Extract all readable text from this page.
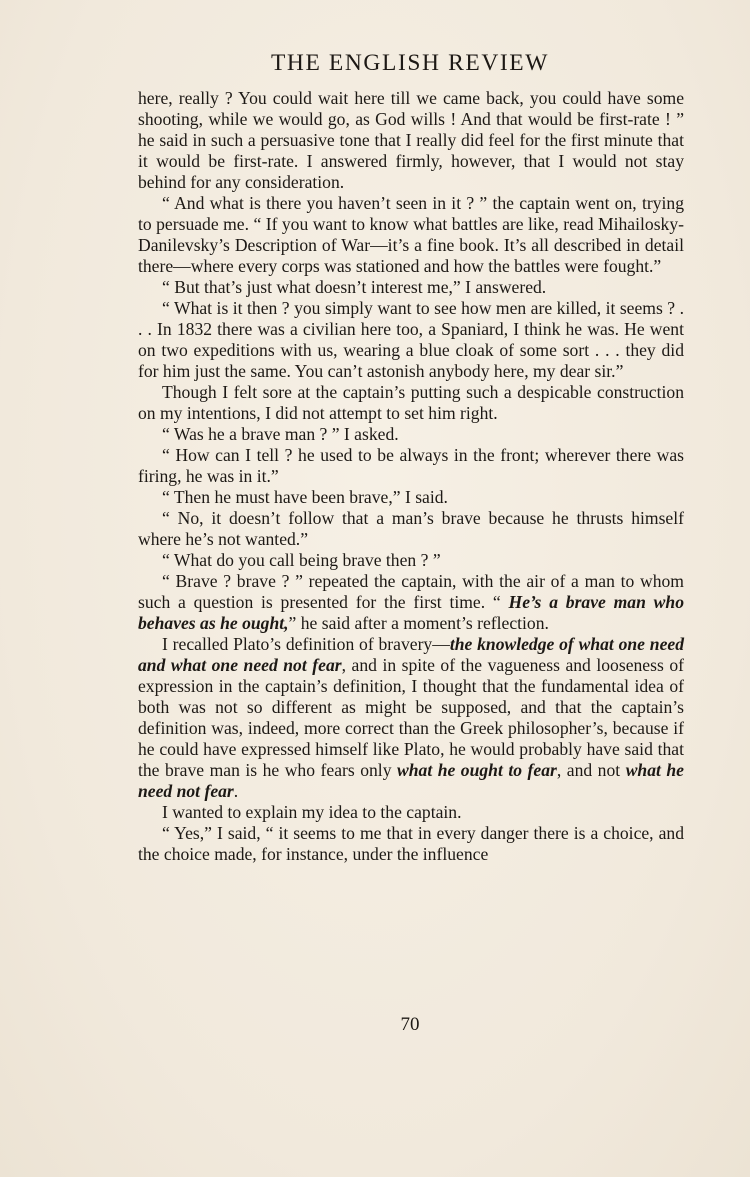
THE ENGLISH REVIEW

here, really ? You could wait here till we came back, you could have some shooting, while we would go, as God wills ! And that would be first-rate ! ” he said in such a persuasive tone that I really did feel for the first minute that it would be first-rate. I answered firmly, however, that I would not stay behind for any consideration.

“ And what is there you haven’t seen in it ? ” the captain went on, trying to persuade me. “ If you want to know what battles are like, read Mihailosky-Danilevsky’s Description of War—it’s a fine book. It’s all described in detail there—where every corps was stationed and how the battles were fought.”

“ But that’s just what doesn’t interest me,” I answered.

“ What is it then ? you simply want to see how men are killed, it seems ? . . . In 1832 there was a civilian here too, a Spaniard, I think he was. He went on two expeditions with us, wearing a blue cloak of some sort . . . they did for him just the same. You can’t astonish anybody here, my dear sir.”

Though I felt sore at the captain’s putting such a despicable construction on my intentions, I did not attempt to set him right.

“ Was he a brave man ? ” I asked.

“ How can I tell ? he used to be always in the front; wherever there was firing, he was in it.”

“ Then he must have been brave,” I said.

“ No, it doesn’t follow that a man’s brave because he thrusts himself where he’s not wanted.”

“ What do you call being brave then ? ”

“ Brave ? brave ? ” repeated the captain, with the air of a man to whom such a question is presented for the first time. “ He’s a brave man who behaves as he ought,” he said after a moment’s reflection.

I recalled Plato’s definition of bravery—the knowledge of what one need and what one need not fear, and in spite of the vagueness and looseness of expression in the captain’s definition, I thought that the fundamental idea of both was not so different as might be supposed, and that the captain’s definition was, indeed, more correct than the Greek philosopher’s, because if he could have expressed himself like Plato, he would probably have said that the brave man is he who fears only what he ought to fear, and not what he need not fear.

I wanted to explain my idea to the captain.

“ Yes,” I said, “ it seems to me that in every danger there is a choice, and the choice made, for instance, under the influence

70
